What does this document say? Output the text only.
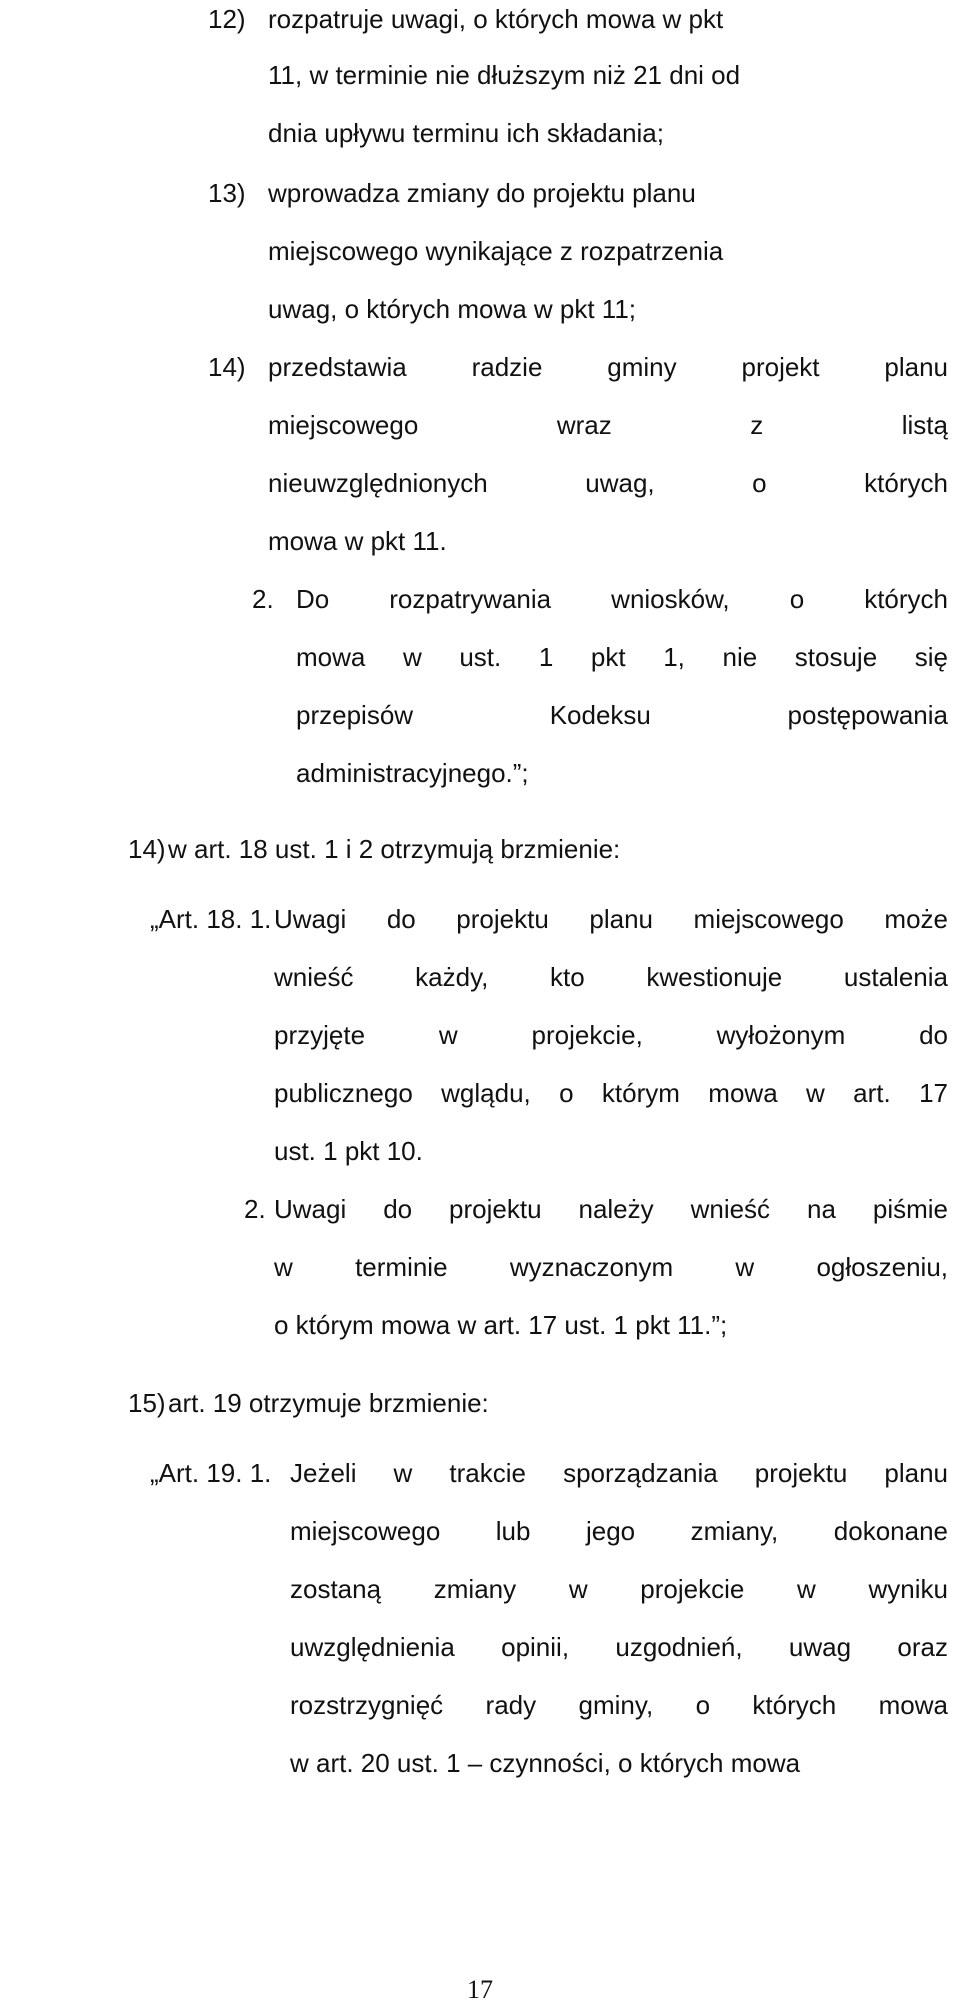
12) rozpatruje uwagi, o których mowa w pkt
11, w terminie nie dłuższym niż 21 dni od
dnia upływu terminu ich składania;
13) wprowadza zmiany do projektu planu
miejscowego wynikające z rozpatrzenia
uwag, o których mowa w pkt 11;
14) przedstawia radzie gminy projekt planu
miejscowego wraz z listą
nieuwzględnionych uwag, o których
mowa w pkt 11.
2. Do rozpatrywania wniosków, o których
mowa w ust. 1 pkt 1, nie stosuje się
przepisów Kodeksu postępowania
administracyjnego.”;
14) w art. 18 ust. 1 i 2 otrzymują brzmienie:
„Art. 18. 1. Uwagi do projektu planu miejscowego może
wnieść każdy, kto kwestionuje ustalenia
przyjęte w projekcie, wyłożonym do
publicznego wglądu, o którym mowa w art. 17
ust. 1 pkt 10.
2. Uwagi do projektu należy wnieść na piśmie
w terminie wyznaczonym w ogłoszeniu,
o którym mowa w art. 17 ust. 1 pkt 11.”;
15) art. 19 otrzymuje brzmienie:
„Art. 19. 1. Jeżeli w trakcie sporządzania projektu planu
miejscowego lub jego zmiany, dokonane
zostaną zmiany w projekcie w wyniku
uwzględnienia opinii, uzgodnień, uwag oraz
rozstrzygnięć rady gminy, o których mowa
w art. 20 ust. 1 – czynności, o których mowa
17
